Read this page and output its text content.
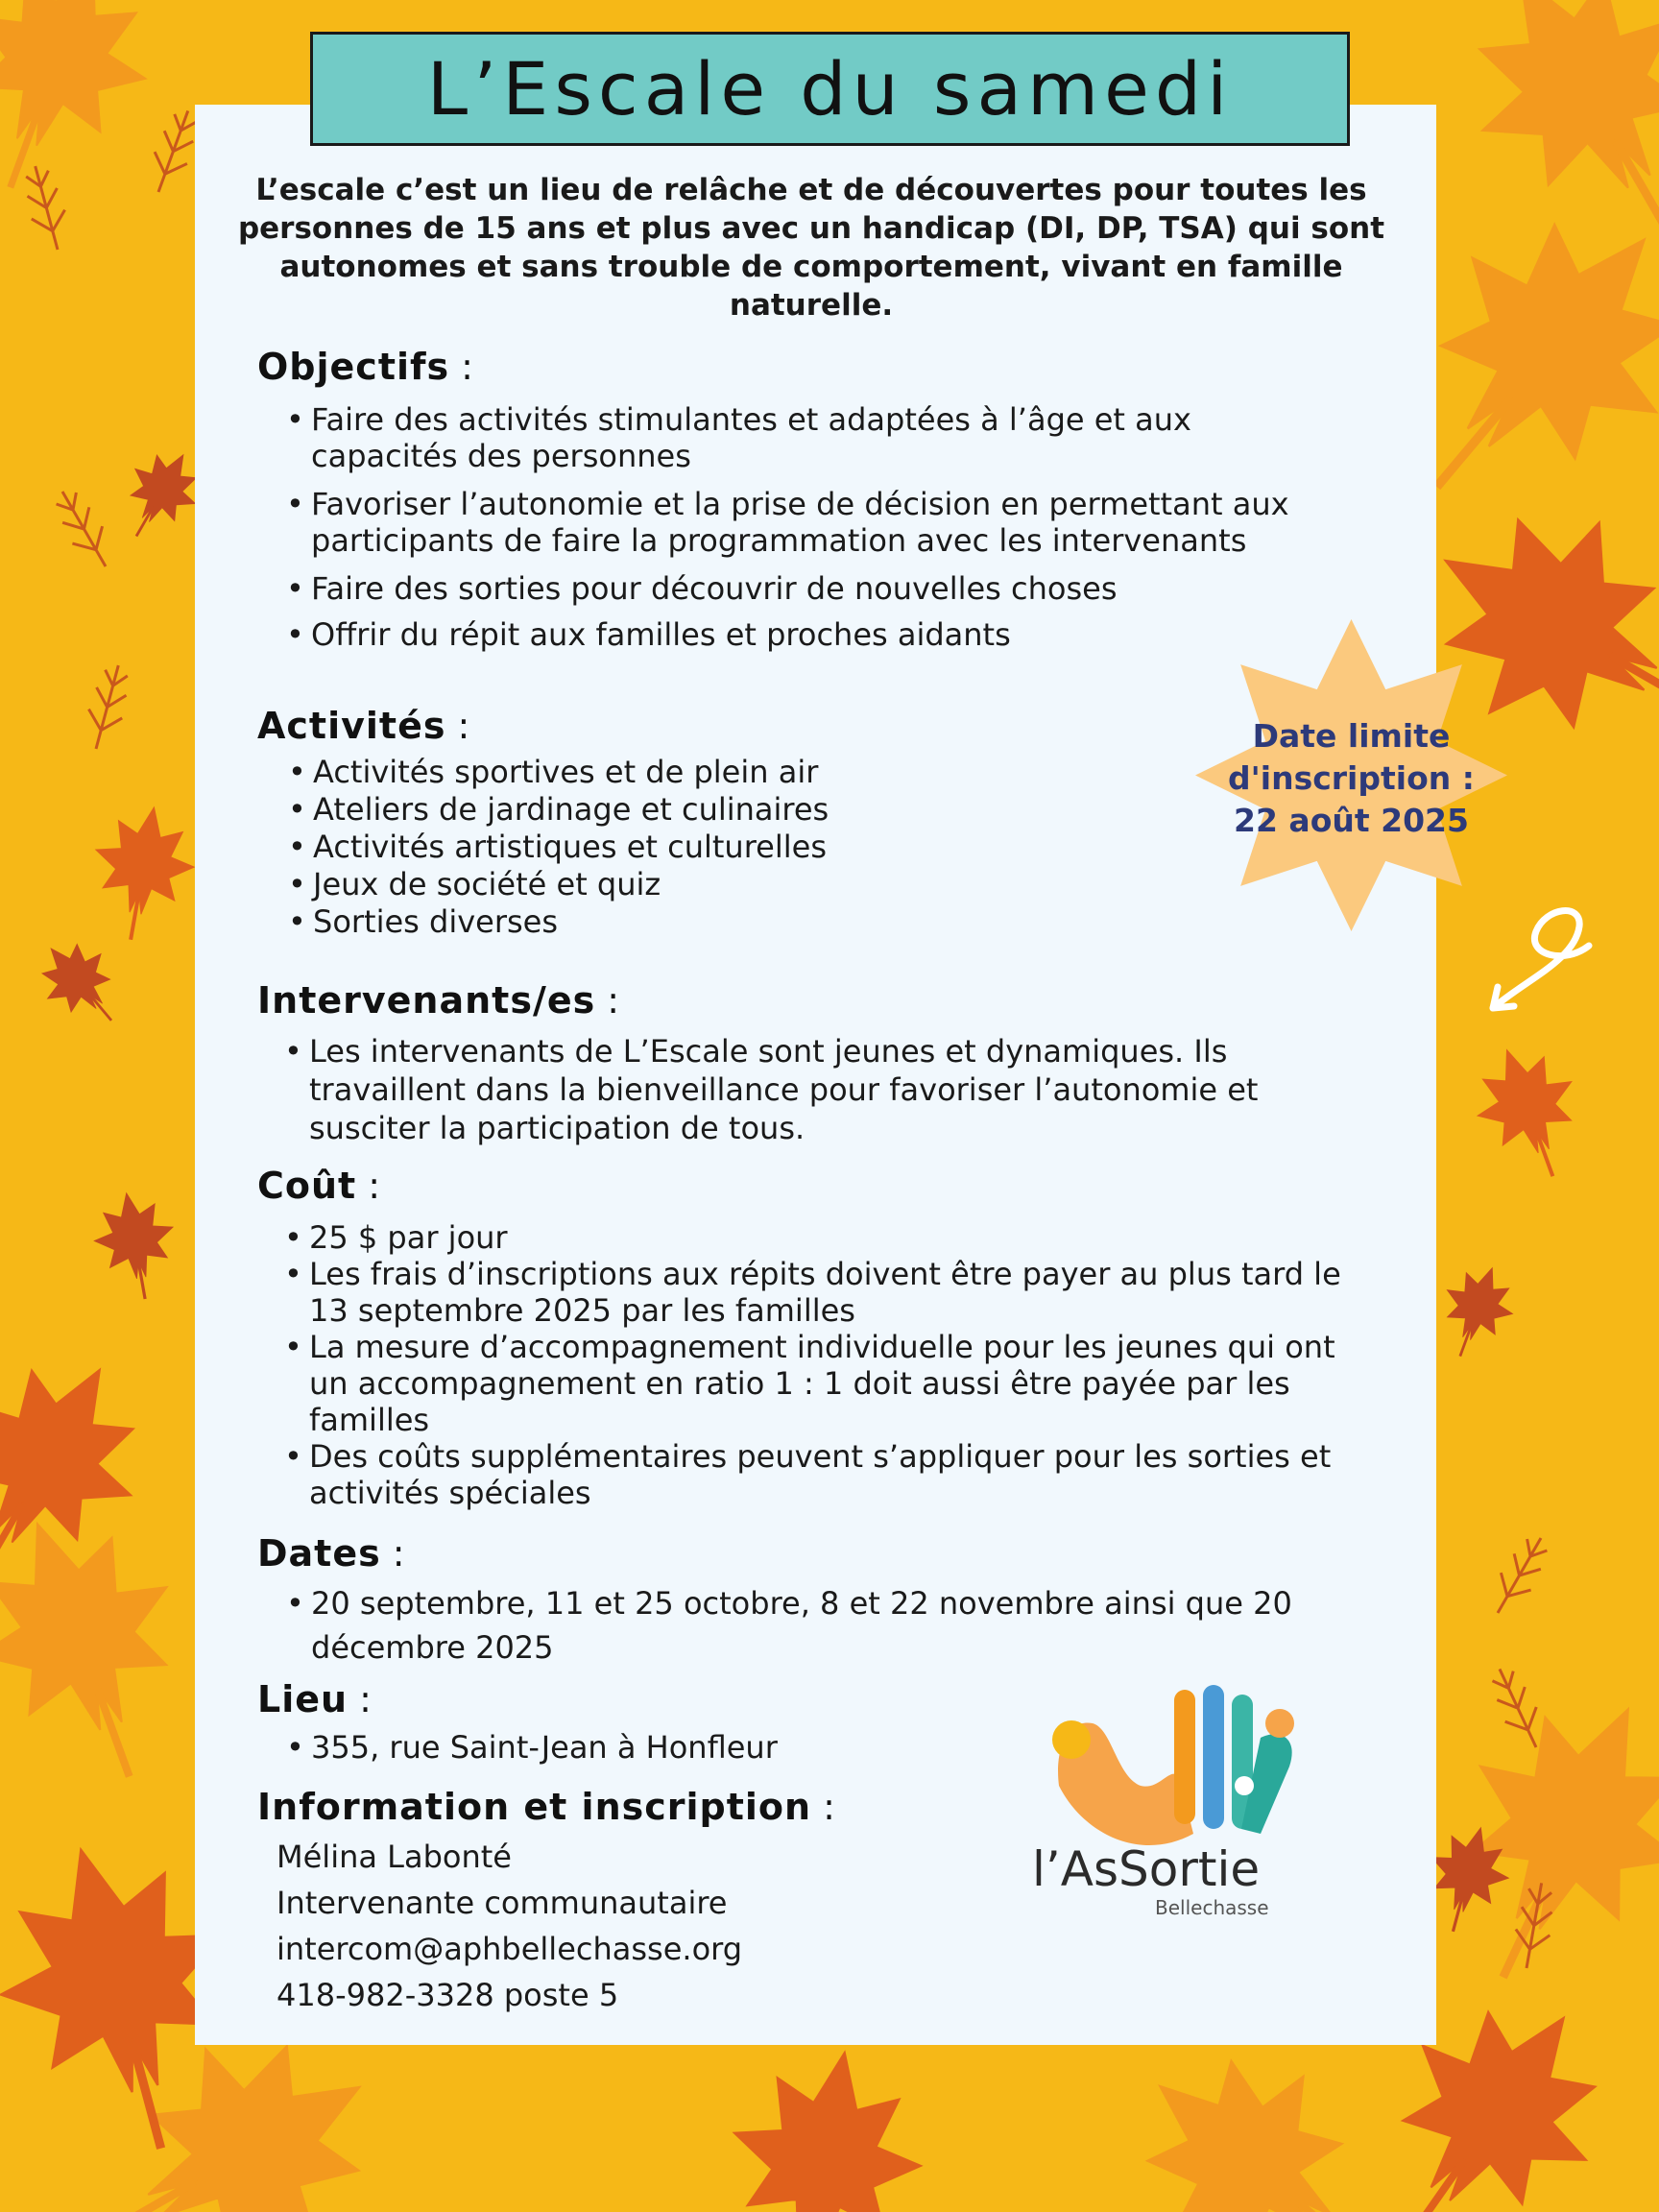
L’Escale du samedi
L’escale c’est un lieu de relâche et de découvertes pour toutes les personnes de 15 ans et plus avec un handicap (DI, DP, TSA) qui sont autonomes et sans trouble de comportement, vivant en famille naturelle.
Objectifs :
• Faire des activités stimulantes et adaptées à l’âge et aux capacités des personnes
• Favoriser l’autonomie et la prise de décision en permettant aux participants de faire la programmation avec les intervenants
• Faire des sorties pour découvrir de nouvelles choses
• Offrir du répit aux familles et proches aidants
Activités :
• Activités sportives et de plein air
• Ateliers de jardinage et culinaires
• Activités artistiques et culturelles
• Jeux de société et quiz
• Sorties diverses
Intervenants/es :
• Les intervenants de L’Escale sont jeunes et dynamiques. Ils travaillent dans la bienveillance pour favoriser l’autonomie et susciter la participation de tous.
Coût :
• 25 $ par jour
• Les frais d’inscriptions aux répits doivent être payer au plus tard le 13 septembre 2025 par les familles
• La mesure d’accompagnement individuelle pour les jeunes qui ont un accompagnement en ratio 1 : 1 doit aussi être payée par les familles
• Des coûts supplémentaires peuvent s’appliquer pour les sorties et activités spéciales
Dates :
• 20 septembre, 11 et 25 octobre, 8 et 22 novembre ainsi que 20 décembre 2025
Lieu :
• 355, rue Saint-Jean à Honfleur
Information et inscription :
Mélina Labonté
Intervenante communautaire
intercom@aphbellechasse.org
418-982-3328 poste 5
Date limite
d'inscription :
22 août 2025
l’AsSortie
Bellechasse
